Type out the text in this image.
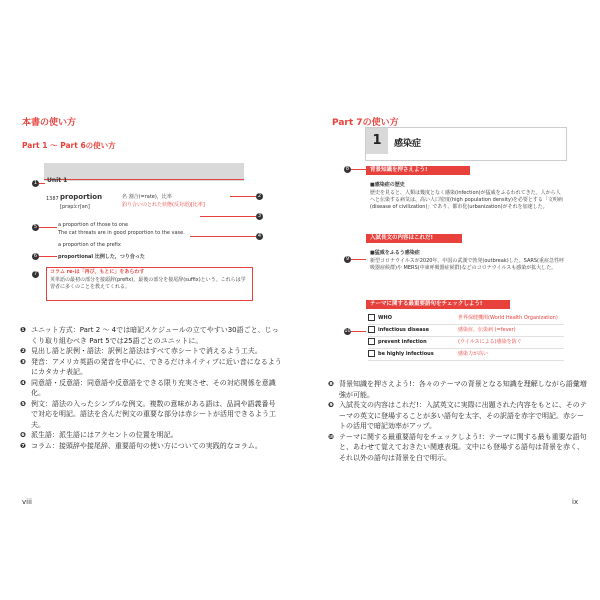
本書の使い方
Part 1 ～ Part 6の使い方
Unit 1
1387 proportion
[prəpɔ́ːrʃən]
名 割合(=rate)，比率
釣り合いのとれた状態(反対語)[比率]
a proportion of those to one
The cat threats are in good proportion to the vase.
a proportion of the prefix
proportional 比例した，つり合った
コラム re-は「再び，もとに」をあらわす
英単語の最初の部分を接頭辞(prefix)，最後の部分を接尾辞(suffix)という。これらは学習者に多くのことを教えてくれる。
1
2
3
4
5
6
7
❶ ユニット方式：Part 2 ～ 4では暗記スケジュールの立てやすい30語ごと、じっくり取り組むべき Part 5では25語ごとのユニットに。
❷ 見出し語と訳例・語法：訳例と語法はすべて赤シートで消えるよう工夫。
❸ 発音：アメリカ英語の発音を中心に、できるだけネイティブに近い音になるようにカタカナ表記。
❹ 同意語・反意語：同意語や反意語をできる限り充実させ、その対応関係を意識化。
❺ 例文：語法の入ったシンプルな例文。複数の意味がある語は、品詞や語義番号で対応を明記。語法を含んだ例文の重要な部分は赤シートが活用できるよう工夫。
❻ 派生語：派生語にはアクセントの位置を明記。
❼ コラム：接頭辞や接尾辞、重要語句の使い方についての実践的なコラム。
viii
Part 7の使い方
1	感染症
背景知識を押さえよう!
■感染症の歴史
歴史を見ると、人類は幾度となく感染(infection)が猛威をふるわれてきた。人から人へと伝染する病気は、高い人口密度(high population density)を必要とする「文明病(disease of civilization)」であり、都市化(urbanization)がそれを加速した。
入試長文の内容はこれだ!
■猛威をふるう感染症
新型コロナウイルスが2020年、中国の武漢で勃発(outbreak)した。SARS(重症急性呼吸器症候群)や MERS(中東呼吸器症候群)などのコロナウイルスも感染が拡大した。
テーマに関する最重要語句をチェックしよう!
WHO	世界保健機関(World Health Organization)
infectious disease	感染症、伝染病 (=fever)
prevent infection	(ウイルスによる)感染を防ぐ
be highly infectious	感染力が高い
8
9
10
❽ 背景知識を押さえよう!：各々のテーマの背景となる知識を理解しながら語彙増強が可能。
❾ 入試長文の内容はこれだ!：入試英文に実際に出題された内容をもとに、そのテーマの英文に登場することが多い語句を太字、その訳語を赤字で明記。赤シートの活用で暗記効率がアップ。
❿ テーマに関する最重要語句をチェックしよう!：テーマに関する最も重要な語句と、あわせて覚えておきたい関連表現。文中にも登場する語句は背景を赤く、それ以外の語句は背景を白で明示。
ix
